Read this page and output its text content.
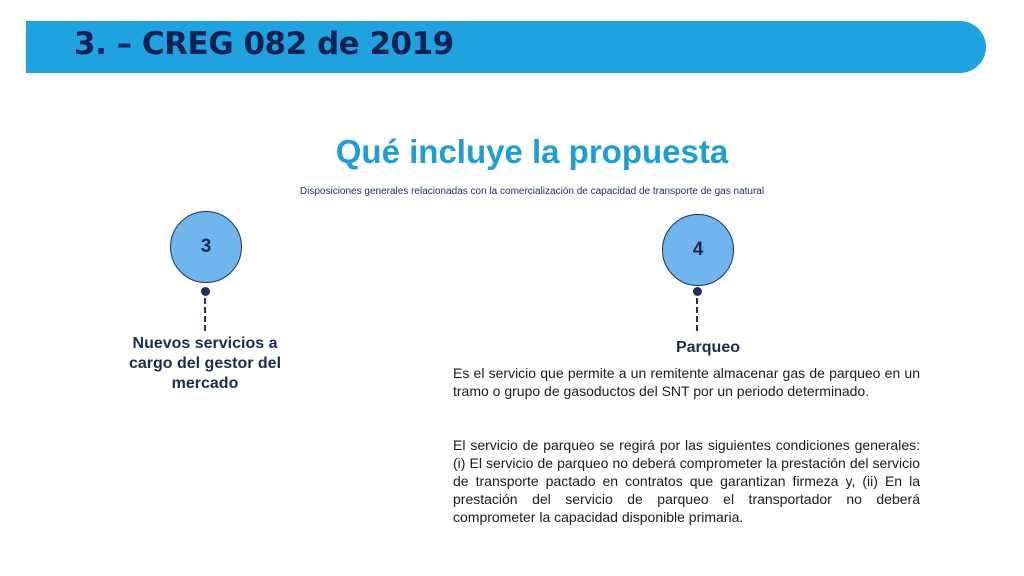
3. – CREG 082 de 2019
Qué incluye la propuesta
Disposiciones generales relacionadas con la comercialización de capacidad de transporte de gas natural
3
Nuevos servicios a cargo del gestor del mercado
4
Parqueo
Es el servicio que permite a un remitente almacenar gas de parqueo en un tramo o grupo de gasoductos del SNT por un periodo determinado.
El servicio de parqueo se regirá por las siguientes condiciones generales: (i) El servicio de parqueo no deberá comprometer la prestación del servicio de transporte pactado en contratos que garantizan firmeza y, (ii) En la prestación del servicio de parqueo el transportador no deberá comprometer la capacidad disponible primaria.
